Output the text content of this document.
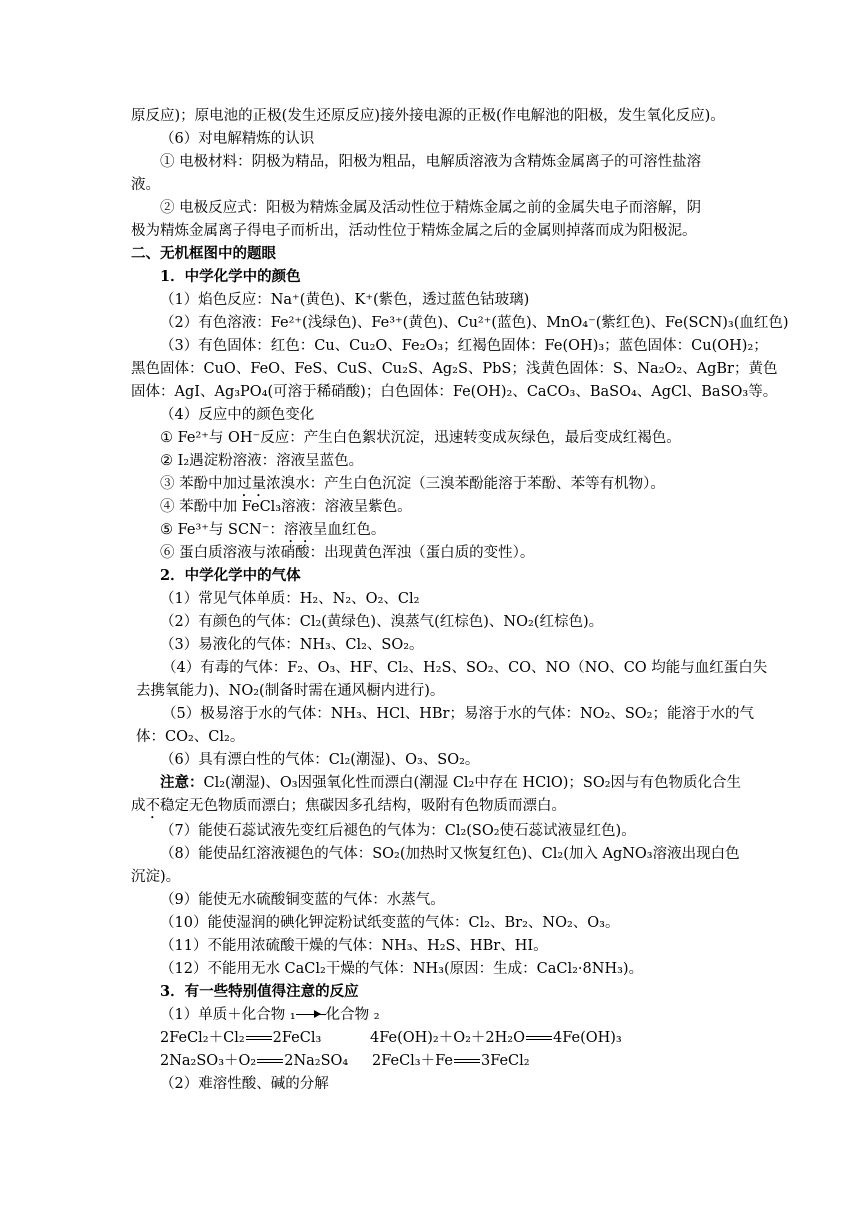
原反应)；原电池的正极(发生还原反应)接外接电源的正极(作电解池的阳极，发生氧化反应)。
（6）对电解精炼的认识
① 电极材料：阴极为精品，阳极为粗品，电解质溶液为含精炼金属离子的可溶性盐溶
液。
② 电极反应式：阳极为精炼金属及活动性位于精炼金属之前的金属失电子而溶解，阴
极为精炼金属离子得电子而析出，活动性位于精炼金属之后的金属则掉落而成为阳极泥。
二、无机框图中的题眼
1．中学化学中的颜色
（1）焰色反应：Na⁺(黄色)、K⁺(紫色，透过蓝色钴玻璃)
（2）有色溶液：Fe²⁺(浅绿色)、Fe³⁺(黄色)、Cu²⁺(蓝色)、MnO₄⁻(紫红色)、Fe(SCN)₃(血红色)
（3）有色固体：红色：Cu、Cu₂O、Fe₂O₃；红褐色固体：Fe(OH)₃；蓝色固体：Cu(OH)₂；
黑色固体：CuO、FeO、FeS、CuS、Cu₂S、Ag₂S、PbS；浅黄色固体：S、Na₂O₂、AgBr；黄色
固体：AgI、Ag₃PO₄(可溶于稀硝酸)；白色固体：Fe(OH)₂、CaCO₃、BaSO₄、AgCl、BaSO₃等。
（4）反应中的颜色变化
① Fe²⁺与 OH⁻反应：产生白色絮状沉淀，迅速转变成灰绿色，最后变成红褐色。
② I₂遇淀粉溶液：溶液呈蓝色。
③ 苯酚中加过量浓溴水：产生白色沉淀（三溴苯酚能溶于苯酚、苯等有机物）。
④ 苯酚中加 FeCl₃溶液：溶液呈紫色。
⑤ Fe³⁺与 SCN⁻：溶液呈血红色。
⑥ 蛋白质溶液与浓硝酸：出现黄色浑浊（蛋白质的变性）。
2．中学化学中的气体
（1）常见气体单质：H₂、N₂、O₂、Cl₂
（2）有颜色的气体：Cl₂(黄绿色)、溴蒸气(红棕色)、NO₂(红棕色)。
（3）易液化的气体：NH₃、Cl₂、SO₂。
（4）有毒的气体：F₂、O₃、HF、Cl₂、H₂S、SO₂、CO、NO（NO、CO 均能与血红蛋白失
去携氧能力)、NO₂(制备时需在通风橱内进行)。
（5）极易溶于水的气体：NH₃、HCl、HBr；易溶于水的气体：NO₂、SO₂；能溶于水的气
体：CO₂、Cl₂。
（6）具有漂白性的气体：Cl₂(潮湿)、O₃、SO₂。
注意：Cl₂(潮湿)、O₃因强氧化性而漂白(潮湿 Cl₂中存在 HClO)；SO₂因与有色物质化合生
成不稳定无色物质而漂白；焦碳因多孔结构，吸附有色物质而漂白。
（7）能使石蕊试液先变红后褪色的气体为：Cl₂(SO₂使石蕊试液显红色)。
（8）能使品红溶液褪色的气体：SO₂(加热时又恢复红色)、Cl₂(加入 AgNO₃溶液出现白色
沉淀)。
（9）能使无水硫酸铜变蓝的气体：水蒸气。
（10）能使湿润的碘化钾淀粉试纸变蓝的气体：Cl₂、Br₂、NO₂、O₃。
（11）不能用浓硫酸干燥的气体：NH₃、H₂S、HBr、HI。
（12）不能用无水 CaCl₂干燥的气体：NH₃(原因：生成：CaCl₂·8NH₃)。
3．有一些特别值得注意的反应
（1）单质＋化合物 ₁ 化合物 ₂
2FeCl₂＋Cl₂ 2FeCl₃	4Fe(OH)₂＋O₂＋2H₂O 4Fe(OH)₃
2Na₂SO₃＋O₂ 2Na₂SO₄ 2FeCl₃＋Fe 3FeCl₂
（2）难溶性酸、碱的分解
